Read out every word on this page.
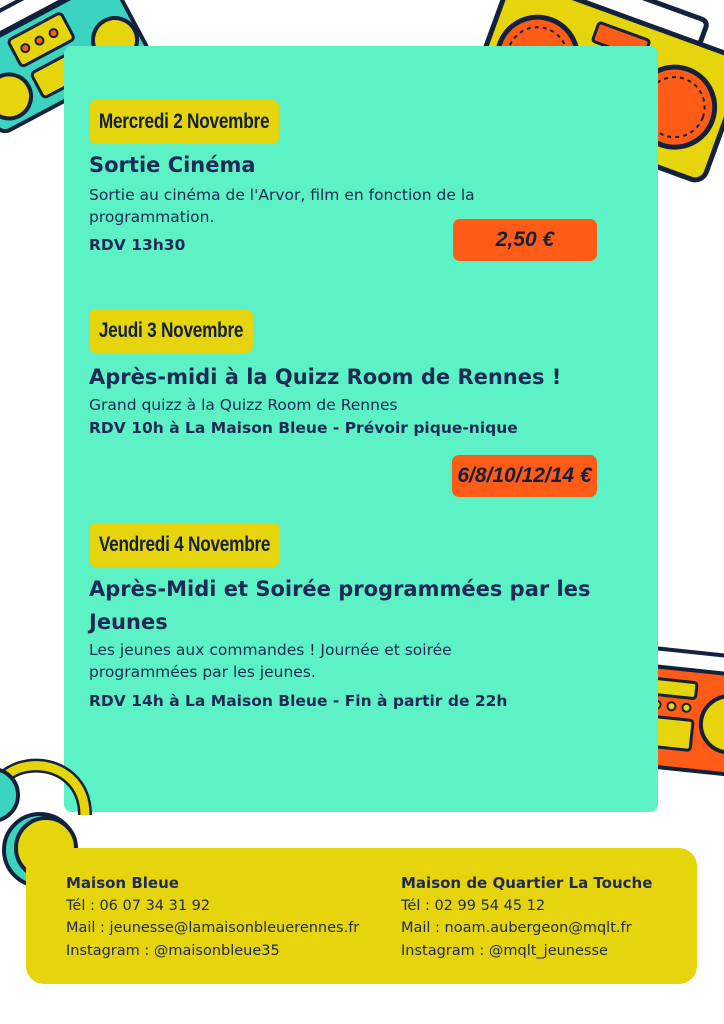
Mercredi 2 Novembre
Sortie Cinéma
Sortie au cinéma de l'Arvor, film en fonction de la programmation.
RDV 13h30	2,50 €
Jeudi 3 Novembre
Après-midi à la Quizz Room de Rennes !
Grand quizz à la Quizz Room de Rennes
RDV 10h à La Maison Bleue - Prévoir pique-nique
6/8/10/12/14 €
Vendredi 4 Novembre
Après-Midi et Soirée programmées par les Jeunes
Les jeunes aux commandes ! Journée et soirée programmées par les jeunes.
RDV 14h à La Maison Bleue - Fin à partir de 22h
Maison Bleue
Tél : 06 07 34 31 92
Mail : jeunesse@lamaisonbleuerennes.fr
Instagram : @maisonbleue35
Maison de Quartier La Touche
Tél : 02 99 54 45 12
Mail : noam.aubergeon@mqlt.fr
Instagram : @mqlt_jeunesse
